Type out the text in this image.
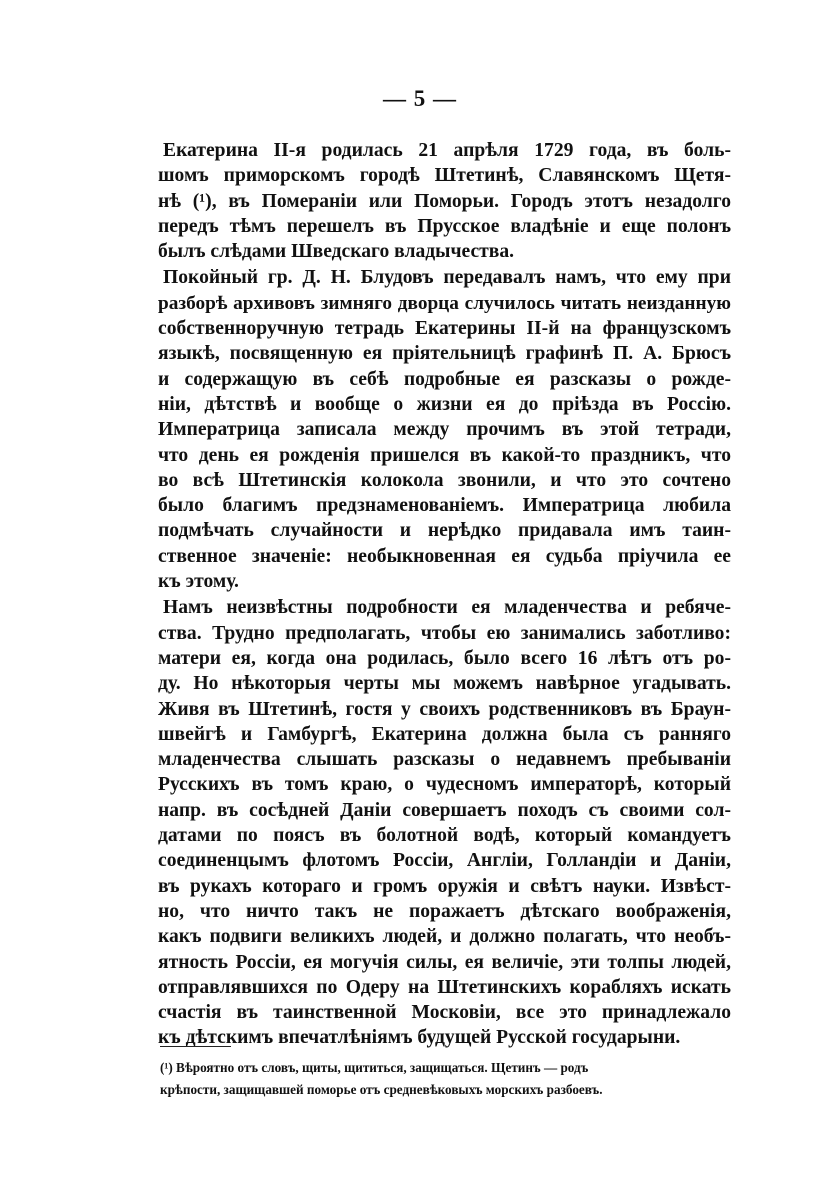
— 5 —

Екатерина II-я родилась 21 апрѣля 1729 года, въ боль-
шомъ приморскомъ городѣ Штетинѣ, Славянскомъ Щетя-
нѣ (¹), въ Помераніи или Поморьи. Городъ этотъ незадолго
передъ тѣмъ перешелъ въ Прусское владѣніе и еще полонъ
былъ слѣдами Шведскаго владычества.

Покойный гр. Д. Н. Блудовъ передавалъ намъ, что ему при
разборѣ архивовъ зимняго дворца случилось читать неизданную
собственноручную тетрадь Екатерины II-й на французскомъ
языкѣ, посвященную ея пріятельницѣ графинѣ П. А. Брюсъ
и содержащую въ себѣ подробные ея разсказы о рожде-
ніи, дѣтствѣ и вообще о жизни ея до пріѣзда въ Россію.
Императрица записала между прочимъ въ этой тетради,
что день ея рожденія пришелся въ какой-то праздникъ, что
во всѣ Штетинскія колокола звонили, и что это сочтено
было благимъ предзнаменованіемъ. Императрица любила
подмѣчать случайности и нерѣдко придавала имъ таин-
ственное значеніе: необыкновенная ея судьба пріучила ее
къ этому.

Намъ неизвѣстны подробности ея младенчества и ребяче-
ства. Трудно предполагать, чтобы ею занимались заботливо:
матери ея, когда она родилась, было всего 16 лѣтъ отъ ро-
ду. Но нѣкоторыя черты мы можемъ навѣрное угадывать.
Живя въ Штетинѣ, гостя у своихъ родственниковъ въ Браун-
швейгѣ и Гамбургѣ, Екатерина должна была съ ранняго
младенчества слышать разсказы о недавнемъ пребываніи
Русскихъ въ томъ краю, о чудесномъ императорѣ, который
напр. въ сосѣдней Даніи совершаетъ походъ съ своими сол-
датами по поясъ въ болотной водѣ, который командуетъ
соединенцымъ флотомъ Россіи, Англіи, Голландіи и Даніи,
въ рукахъ котораго и громъ оружія и свѣтъ науки. Извѣст-
но, что ничто такъ не поражаетъ дѣтскаго воображенія,
какъ подвиги великихъ людей, и должно полагать, что необъ-
ятность Россіи, ея могучія силы, ея величіе, эти толпы людей,
отправлявшихся по Одеру на Штетинскихъ корабляхъ искать
счастія въ таинственной Московіи, все это принадлежало
къ дѣтскимъ впечатлѣніямъ будущей Русской государыни.

(¹) Вѣроятно отъ словъ, щиты, щититься, защищаться. Щетинъ — родъ
крѣпости, защищавшей поморье отъ средневѣковыхъ морскихъ разбоевъ.
